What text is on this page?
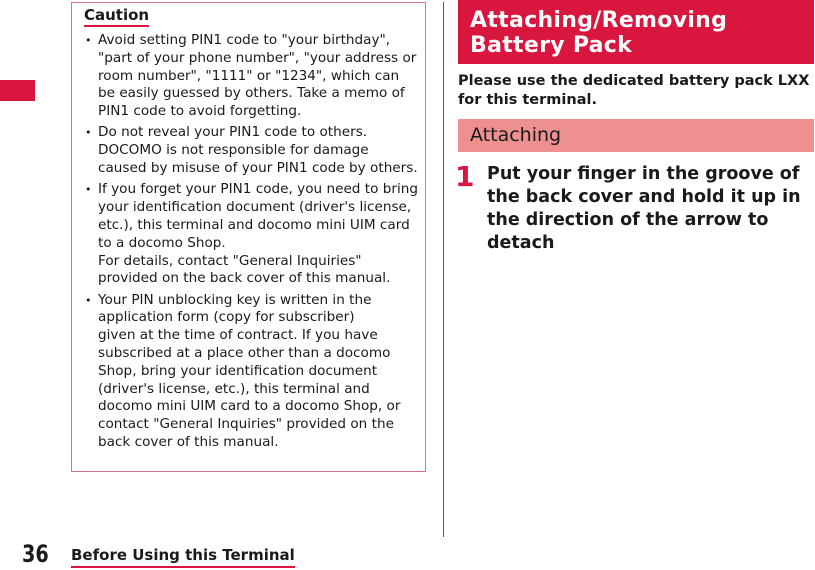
Caution
• Avoid setting PIN1 code to "your birthday", "part of your phone number", "your address or room number", "1111" or "1234", which can be easily guessed by others. Take a memo of PIN1 code to avoid forgetting.
• Do not reveal your PIN1 code to others. DOCOMO is not responsible for damage caused by misuse of your PIN1 code by others.
• If you forget your PIN1 code, you need to bring your identification document (driver's license, etc.), this terminal and docomo mini UIM card to a docomo Shop.
For details, contact "General Inquiries" provided on the back cover of this manual.
• Your PIN unblocking key is written in the application form (copy for subscriber)
given at the time of contract. If you have subscribed at a place other than a docomo Shop, bring your identification document (driver's license, etc.), this terminal and docomo mini UIM card to a docomo Shop, or contact "General Inquiries" provided on the back cover of this manual.
Attaching/Removing Battery Pack
Please use the dedicated battery pack LXX for this terminal.
Attaching
1 Put your finger in the groove of the back cover and hold it up in the direction of the arrow to detach
36 Before Using this Terminal
